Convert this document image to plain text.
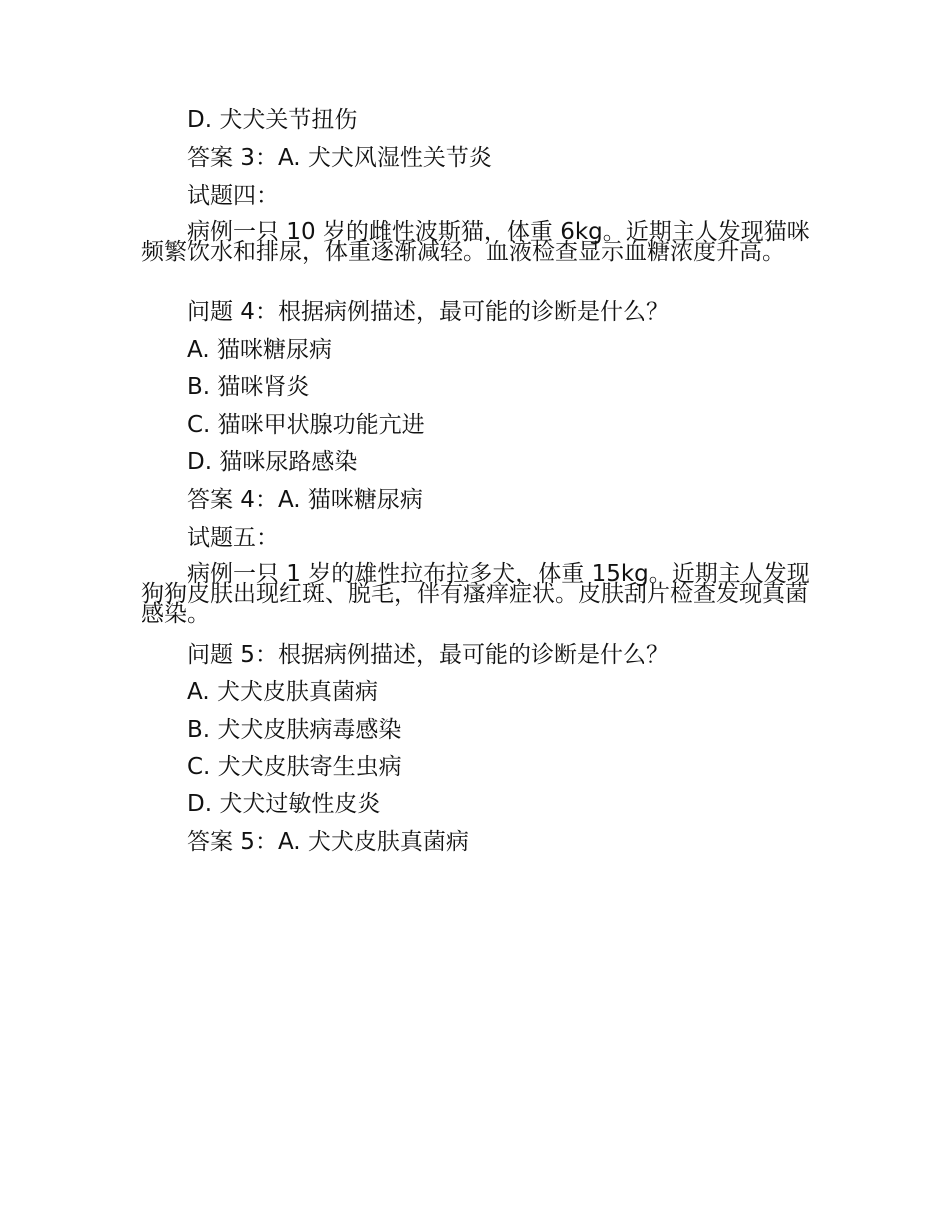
D. 犬犬关节扭伤
答案 3：A. 犬犬风湿性关节炎
试题四：
病例一只 10 岁的雌性波斯猫，体重 6kg。近期主人发现猫咪频繁饮水和排尿，体重逐渐减轻。血液检查显示血糖浓度升高。
问题 4：根据病例描述，最可能的诊断是什么？
A. 猫咪糖尿病
B. 猫咪肾炎
C. 猫咪甲状腺功能亢进
D. 猫咪尿路感染
答案 4：A. 猫咪糖尿病
试题五：
病例一只 1 岁的雄性拉布拉多犬，体重 15kg。近期主人发现狗狗皮肤出现红斑、脱毛，伴有瘙痒症状。皮肤刮片检查发现真菌感染。
问题 5：根据病例描述，最可能的诊断是什么？
A. 犬犬皮肤真菌病
B. 犬犬皮肤病毒感染
C. 犬犬皮肤寄生虫病
D. 犬犬过敏性皮炎
答案 5：A. 犬犬皮肤真菌病
